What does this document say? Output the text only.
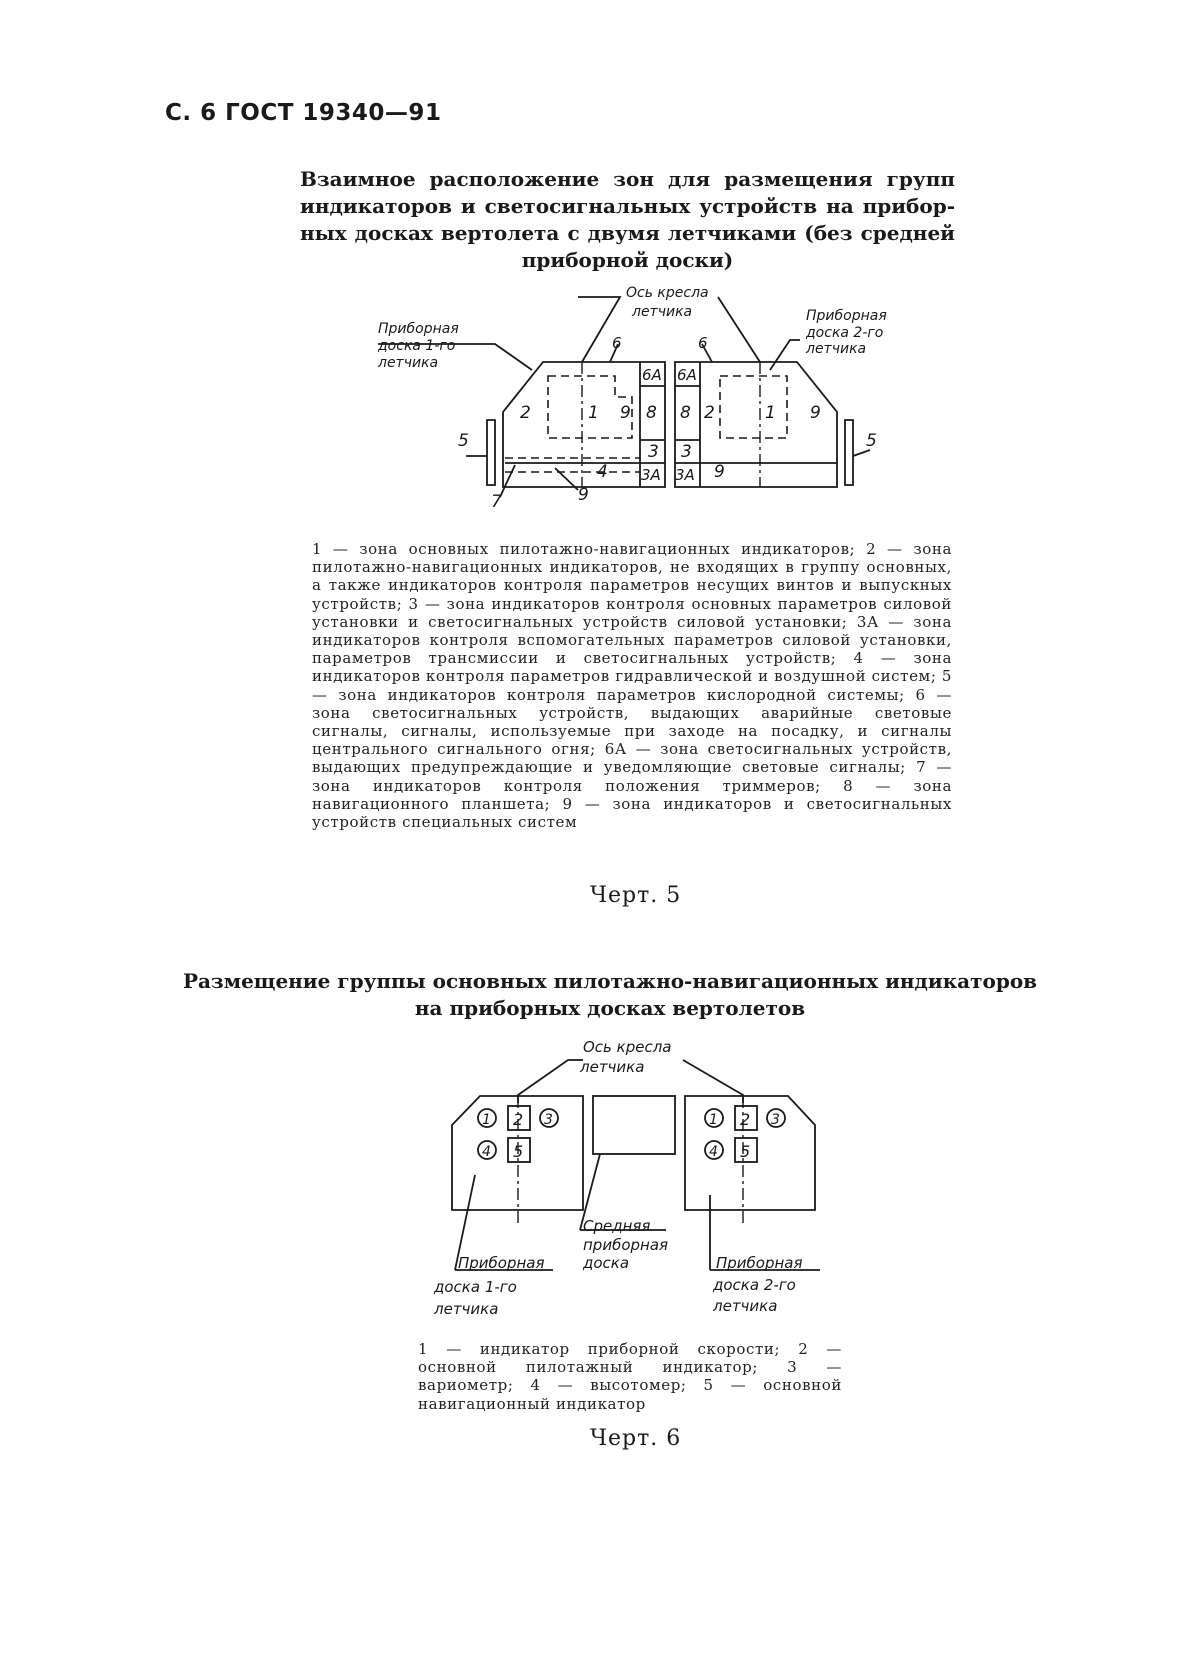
С. 6 ГОСТ 19340—91
Взаимное расположение зон для размещения групп
индикаторов и светосигнальных устройств на прибор-
ных досках вертолета с двумя летчиками (без средней
приборной доски)
Ось кресла
летчика
Приборная
доска 1-го
летчика
Приборная
доска 2-го
летчика
2	1 9 8
6А
3
3А
4
6
6А
8 2	1 9
3
3А 9
6
5	5
7	9
1 — зона основных пилотажно-навигационных индикаторов; 2 — зона пилотажно-навигационных индикаторов, не входящих в группу основных, а также индикаторов контроля параметров несущих винтов и выпускных устройств; 3 — зона индикаторов контроля основных параметров силовой установки и светосигнальных устройств силовой установки; 3А — зона индикаторов контроля вспомогательных параметров силовой установки, параметров трансмиссии и светосигнальных устройств; 4 — зона индикаторов контроля параметров гидравлической и воздушной систем; 5 — зона индикаторов контроля параметров кислородной системы; 6 — зона светосигнальных устройств, выдающих аварийные световые сигналы, сигналы, используемые при заходе на посадку, и сигналы центрального сигнального огня; 6А — зона светосигнальных устройств, выдающих предупреждающие и уведомляющие световые сигналы; 7 — зона индикаторов контроля положения триммеров; 8 — зона навигационного планшета; 9 — зона индикаторов и светосигнальных устройств специальных систем
Черт. 5
Размещение группы основных пилотажно-навигационных индикаторов
на приборных досках вертолетов
1 2 3
4 5
1 2 3
4 5
Ось кресла
летчика
Средняя
приборная
доска
Приборная
доска 1-го
летчика
Приборная
доска 2-го
летчика
1 — индикатор приборной скорости; 2 — основной пилотажный индикатор; 3 — вариометр; 4 — высотомер; 5 — основной навигационный индикатор
Черт. 6
